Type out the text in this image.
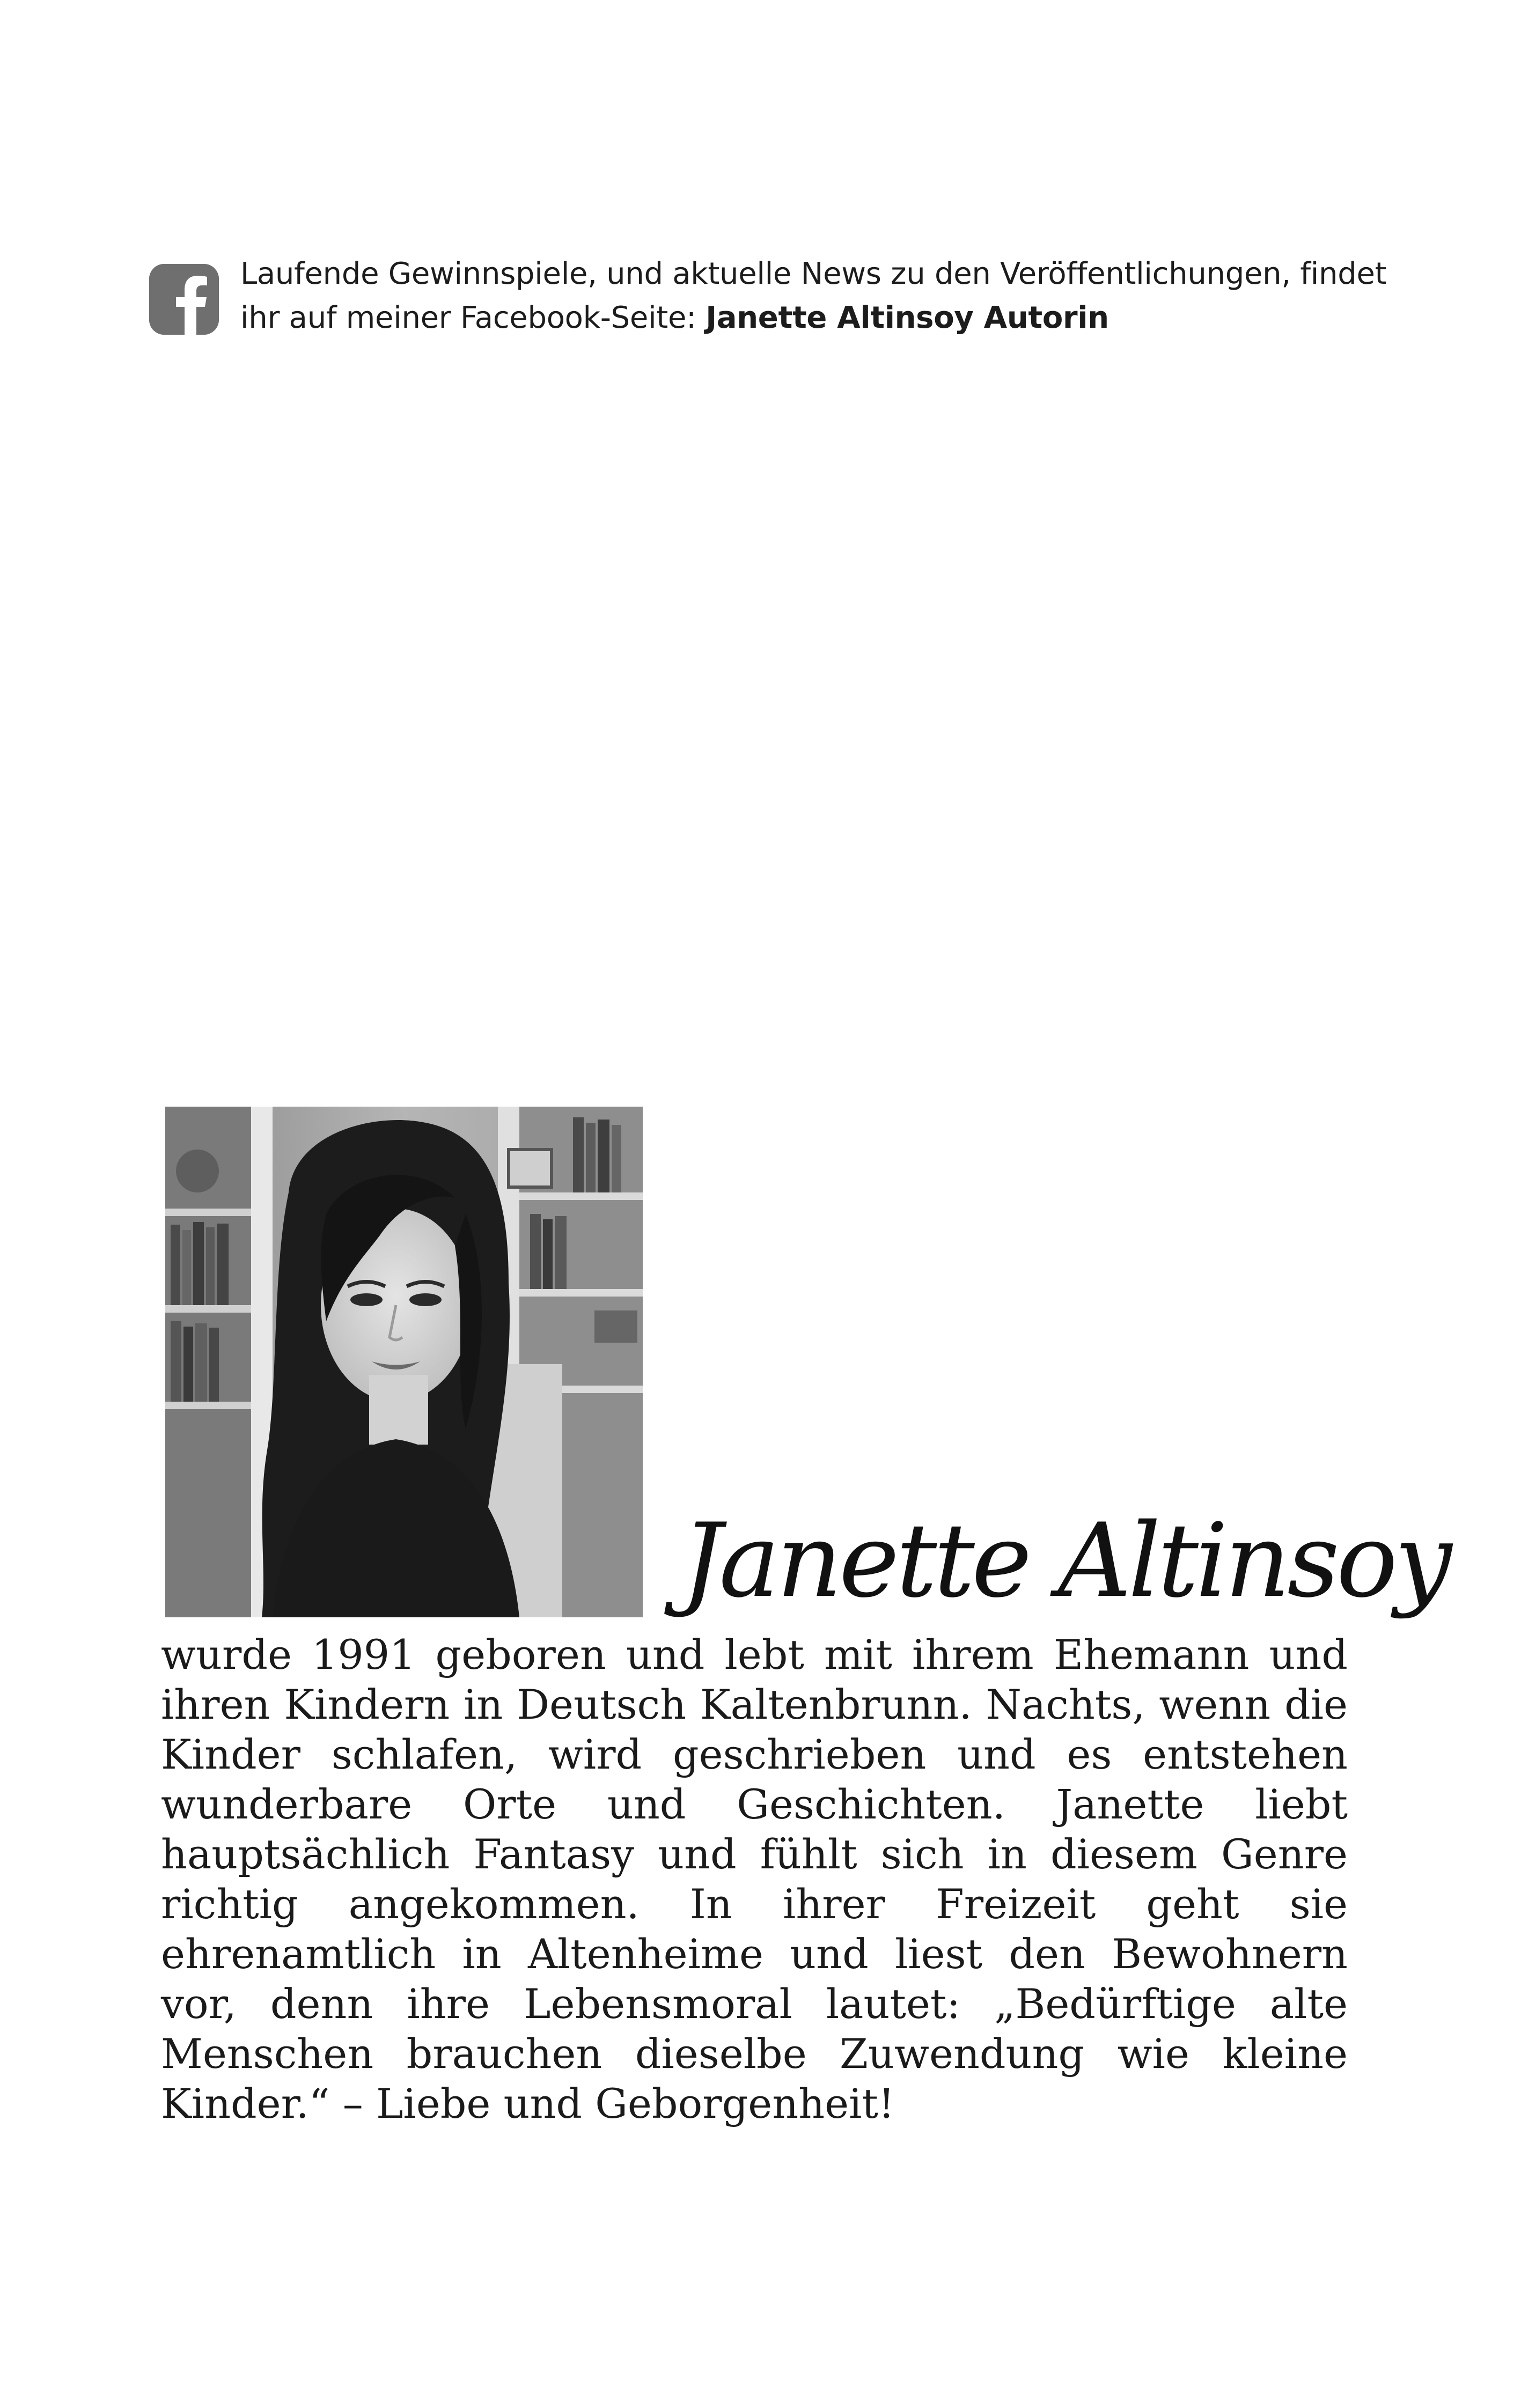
Laufende Gewinnspiele, und aktuelle News zu den Veröffentlichungen, findet
ihr auf meiner Facebook-Seite: Janette Altinsoy Autorin
Janette Altinsoy
wurde 1991 geboren und lebt mit ihrem Ehemann und ihren Kindern in Deutsch Kaltenbrunn. Nachts, wenn die Kinder schlafen, wird geschrieben und es entstehen wunderbare Orte und Geschichten. Janette liebt hauptsächlich Fantasy und fühlt sich in diesem Genre richtig angekommen. In ihrer Freizeit geht sie ehrenamtlich in Altenheime und liest den Bewohnern vor, denn ihre Lebensmoral lautet: „Bedürftige alte Menschen brauchen dieselbe Zuwendung wie kleine Kinder.“ – Liebe und Geborgenheit!
